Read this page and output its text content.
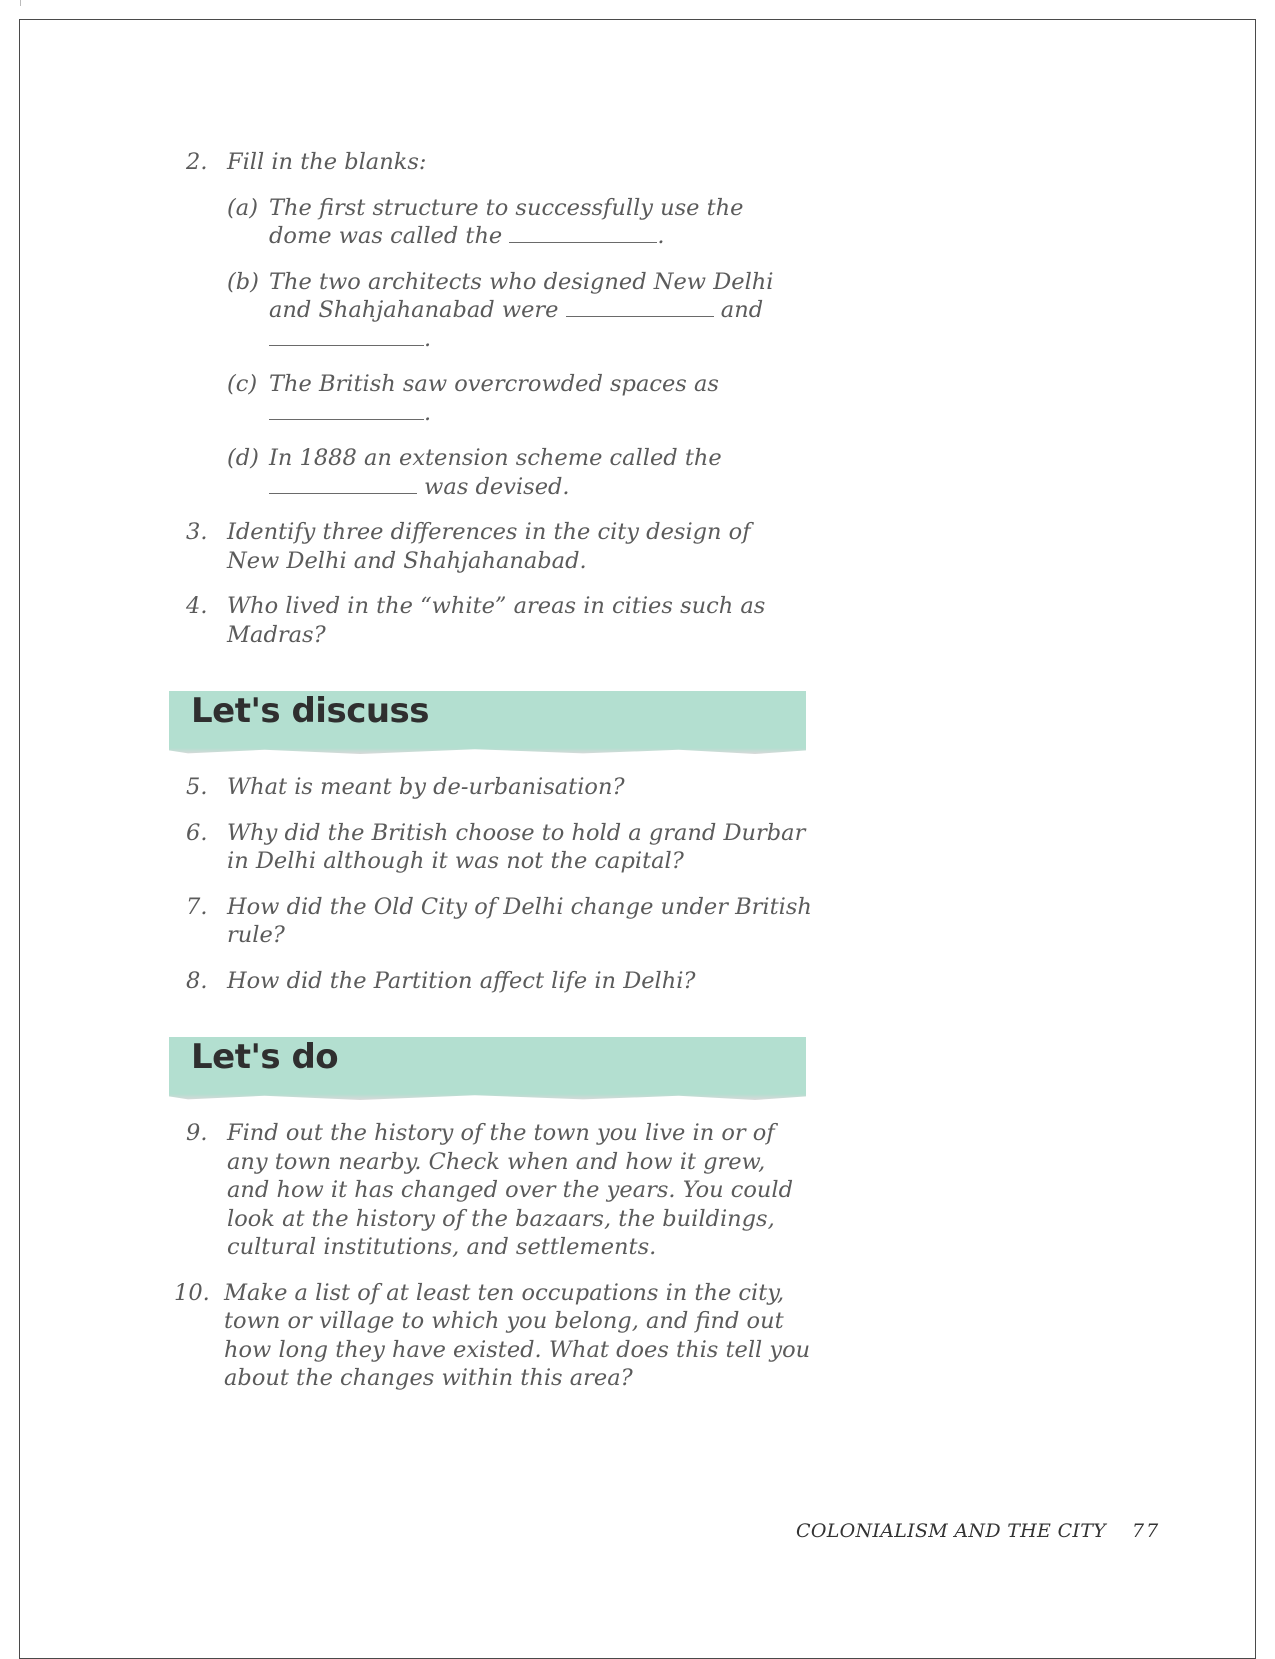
2. Fill in the blanks:
(a) The first structure to successfully use the
dome was called the	.
(b) The two architects who designed New Delhi
and Shahjahanabad were	and
.
(c) The British saw overcrowded spaces as
.
(d) In 1888 an extension scheme called the
was devised.
3. Identify three differences in the city design of
New Delhi and Shahjahanabad.
4. Who lived in the “white” areas in cities such as
Madras?
Let's discuss
5. What is meant by de-urbanisation?
6. Why did the British choose to hold a grand Durbar
in Delhi although it was not the capital?
7. How did the Old City of Delhi change under British
rule?
8. How did the Partition affect life in Delhi?
Let's do
9. Find out the history of the town you live in or of
any town nearby. Check when and how it grew,
and how it has changed over the years. You could
look at the history of the bazaars, the buildings,
cultural institutions, and settlements.
10. Make a list of at least ten occupations in the city,
town or village to which you belong, and find out
how long they have existed. What does this tell you
about the changes within this area?
COLONIALISM AND THE CITY 77
